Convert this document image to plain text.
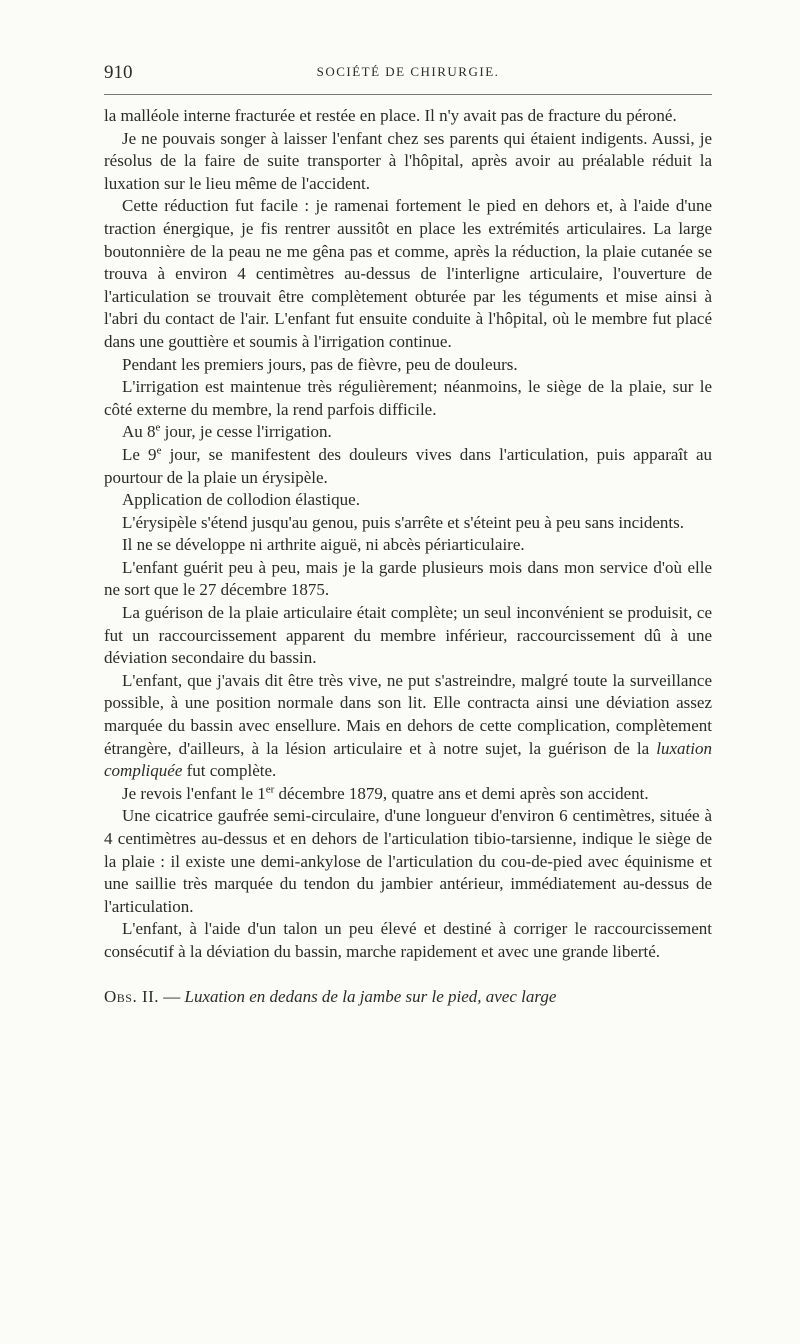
910	SOCIÉTÉ DE CHIRURGIE.

la malléole interne fracturée et restée en place. Il n'y avait pas de fracture du péroné.

Je ne pouvais songer à laisser l'enfant chez ses parents qui étaient indigents. Aussi, je résolus de la faire de suite transporter à l'hôpital, après avoir au préalable réduit la luxation sur le lieu même de l'accident.

Cette réduction fut facile : je ramenai fortement le pied en dehors et, à l'aide d'une traction énergique, je fis rentrer aussitôt en place les extrémités articulaires. La large boutonnière de la peau ne me gêna pas et comme, après la réduction, la plaie cutanée se trouva à environ 4 centimètres au-dessus de l'interligne articulaire, l'ouverture de l'articulation se trouvait être complètement obturée par les téguments et mise ainsi à l'abri du contact de l'air. L'enfant fut ensuite conduite à l'hôpital, où le membre fut placé dans une gouttière et soumis à l'irrigation continue.

Pendant les premiers jours, pas de fièvre, peu de douleurs.

L'irrigation est maintenue très régulièrement; néanmoins, le siège de la plaie, sur le côté externe du membre, la rend parfois difficile.

Au 8e jour, je cesse l'irrigation.

Le 9e jour, se manifestent des douleurs vives dans l'articulation, puis apparaît au pourtour de la plaie un érysipèle.

Application de collodion élastique.

L'érysipèle s'étend jusqu'au genou, puis s'arrête et s'éteint peu à peu sans incidents.

Il ne se développe ni arthrite aiguë, ni abcès périarticulaire.

L'enfant guérit peu à peu, mais je la garde plusieurs mois dans mon service d'où elle ne sort que le 27 décembre 1875.

La guérison de la plaie articulaire était complète; un seul inconvénient se produisit, ce fut un raccourcissement apparent du membre inférieur, raccourcissement dû à une déviation secondaire du bassin.

L'enfant, que j'avais dit être très vive, ne put s'astreindre, malgré toute la surveillance possible, à une position normale dans son lit. Elle contracta ainsi une déviation assez marquée du bassin avec ensellure. Mais en dehors de cette complication, complètement étrangère, d'ailleurs, à la lésion articulaire et à notre sujet, la guérison de la luxation compliquée fut complète.

Je revois l'enfant le 1er décembre 1879, quatre ans et demi après son accident.

Une cicatrice gaufrée semi-circulaire, d'une longueur d'environ 6 centimètres, située à 4 centimètres au-dessus et en dehors de l'articulation tibio-tarsienne, indique le siège de la plaie : il existe une demi-ankylose de l'articulation du cou-de-pied avec équinisme et une saillie très marquée du tendon du jambier antérieur, immédiatement au-dessus de l'articulation.

L'enfant, à l'aide d'un talon un peu élevé et destiné à corriger le raccourcissement consécutif à la déviation du bassin, marche rapidement et avec une grande liberté.

Obs. II. — Luxation en dedans de la jambe sur le pied, avec large
